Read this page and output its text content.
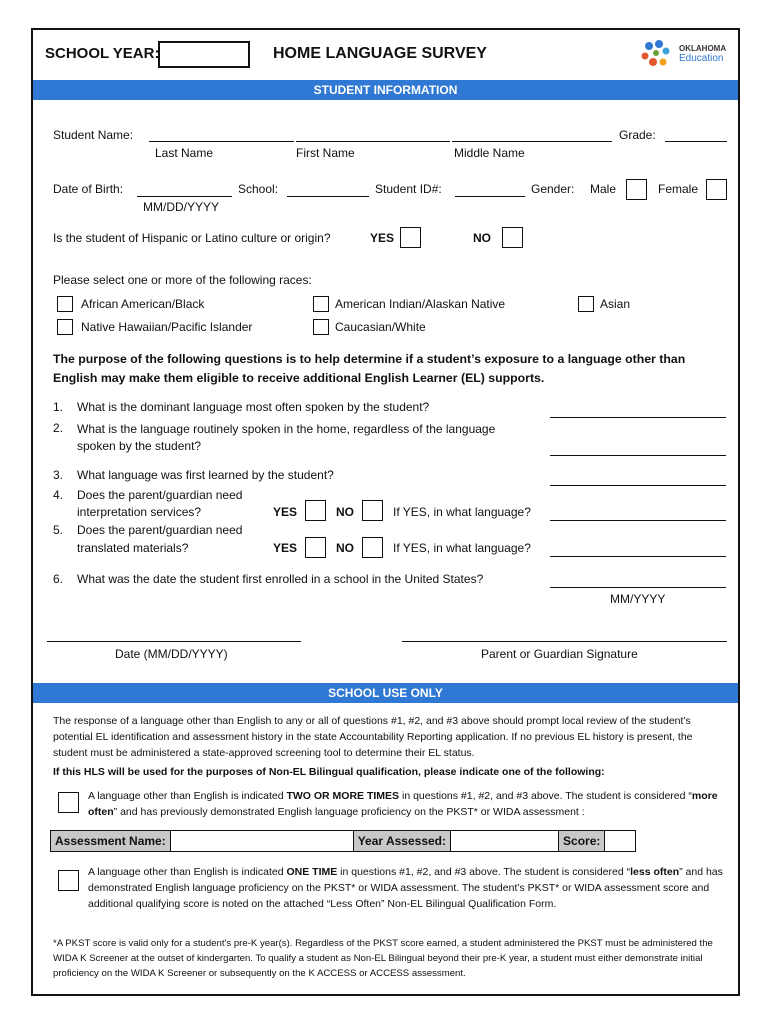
SCHOOL YEAR:	HOME LANGUAGE SURVEY	OKLAHOMA
Education
STUDENT INFORMATION
Student Name:
Last Name	First Name	Middle Name
Grade:
Date of Birth:
MM/DD/YYYY
School:	Student ID#:	Gender: Male	Female
Is the student of Hispanic or Latino culture or origin?	YES	NO
Please select one or more of the following races:
African American/Black	American Indian/Alaskan Native	Asian
Native Hawaiian/Pacific Islander	Caucasian/White
The purpose of the following questions is to help determine if a student’s exposure to a language other than English may make them eligible to receive additional English Learner (EL) supports.
1. What is the dominant language most often spoken by the student?
2. What is the language routinely spoken in the home, regardless of the language spoken by the student?
3. What language was first learned by the student?
4. Does the parent/guardian need
interpretation services?	YES	NO	If YES, in what language?
5. Does the parent/guardian need
translated materials?	YES	NO	If YES, in what language?
6. What was the date the student first enrolled in a school in the United States?
MM/YYYY
Date (MM/DD/YYYY)	Parent or Guardian Signature
SCHOOL USE ONLY
The response of a language other than English to any or all of questions #1, #2, and #3 above should prompt local review of the student’s potential EL identification and assessment history in the state Accountability Reporting application. If no previous EL history is present, the student must be administered a state-approved screening tool to determine their EL status.
If this HLS will be used for the purposes of Non-EL Bilingual qualification, please indicate one of the following:
A language other than English is indicated TWO OR MORE TIMES in questions #1, #2, and #3 above. The student is considered “more often” and has previously demonstrated English language proficiency on the PKST* or WIDA assessment :
Assessment Name:	Year Assessed:	Score:
A language other than English is indicated ONE TIME in questions #1, #2, and #3 above. The student is considered “less often” and has demonstrated English language proficiency on the PKST* or WIDA assessment. The student’s PKST* or WIDA assessment score and additional qualifying score is noted on the attached “Less Often” Non-EL Bilingual Qualification Form.
*A PKST score is valid only for a student's pre-K year(s). Regardless of the PKST score earned, a student administered the PKST must be administered the WIDA K Screener at the outset of kindergarten. To qualify a student as Non-EL Bilingual beyond their pre-K year, a student must either demonstrate initial proficiency on the WIDA K Screener or subsequently on the K ACCESS or ACCESS assessment.
